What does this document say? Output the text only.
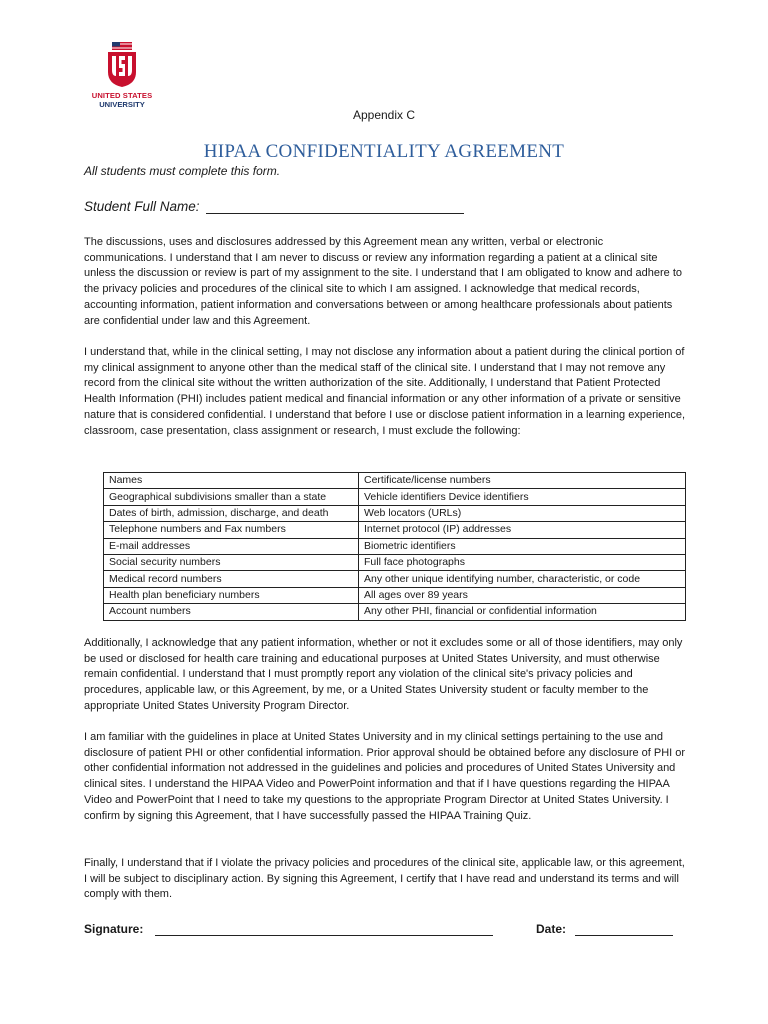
UNITED STATES
UNIVERSITY
Appendix C
HIPAA CONFIDENTIALITY AGREEMENT
All students must complete this form.
Student Full Name:

The discussions, uses and disclosures addressed by this Agreement mean any written, verbal or electronic communications. I understand that I am never to discuss or review any information regarding a patient at a clinical site unless the discussion or review is part of my assignment to the site. I understand that I am obligated to know and adhere to the privacy policies and procedures of the clinical site to which I am assigned. I acknowledge that medical records, accounting information, patient information and conversations between or among healthcare professionals about patients are confidential under law and this Agreement.

I understand that, while in the clinical setting, I may not disclose any information about a patient during the clinical portion of my clinical assignment to anyone other than the medical staff of the clinical site. I understand that I may not remove any record from the clinical site without the written authorization of the site. Additionally, I understand that Patient Protected Health Information (PHI) includes patient medical and financial information or any other information of a private or sensitive nature that is considered confidential. I understand that before I use or disclose patient information in a learning experience, classroom, case presentation, class assignment or research, I must exclude the following:

Names	Certificate/license numbers
Geographical subdivisions smaller than a state	Vehicle identifiers Device identifiers
Dates of birth, admission, discharge, and death	Web locators (URLs)
Telephone numbers and Fax numbers	Internet protocol (IP) addresses
E-mail addresses	Biometric identifiers
Social security numbers	Full face photographs
Medical record numbers	Any other unique identifying number, characteristic, or code
Health plan beneficiary numbers	All ages over 89 years
Account numbers	Any other PHI, financial or confidential information

Additionally, I acknowledge that any patient information, whether or not it excludes some or all of those identifiers, may only be used or disclosed for health care training and educational purposes at United States University, and must otherwise remain confidential. I understand that I must promptly report any violation of the clinical site's privacy policies and procedures, applicable law, or this Agreement, by me, or a United States University student or faculty member to the appropriate United States University Program Director.

I am familiar with the guidelines in place at United States University and in my clinical settings pertaining to the use and disclosure of patient PHI or other confidential information. Prior approval should be obtained before any disclosure of PHI or other confidential information not addressed in the guidelines and policies and procedures of United States University and clinical sites. I understand the HIPAA Video and PowerPoint information and that if I have questions regarding the HIPAA Video and PowerPoint that I need to take my questions to the appropriate Program Director at United States University. I confirm by signing this Agreement, that I have successfully passed the HIPAA Training Quiz.

Finally, I understand that if I violate the privacy policies and procedures of the clinical site, applicable law, or this agreement, I will be subject to disciplinary action. By signing this Agreement, I certify that I have read and understand its terms and will comply with them.

Signature:	Date:
